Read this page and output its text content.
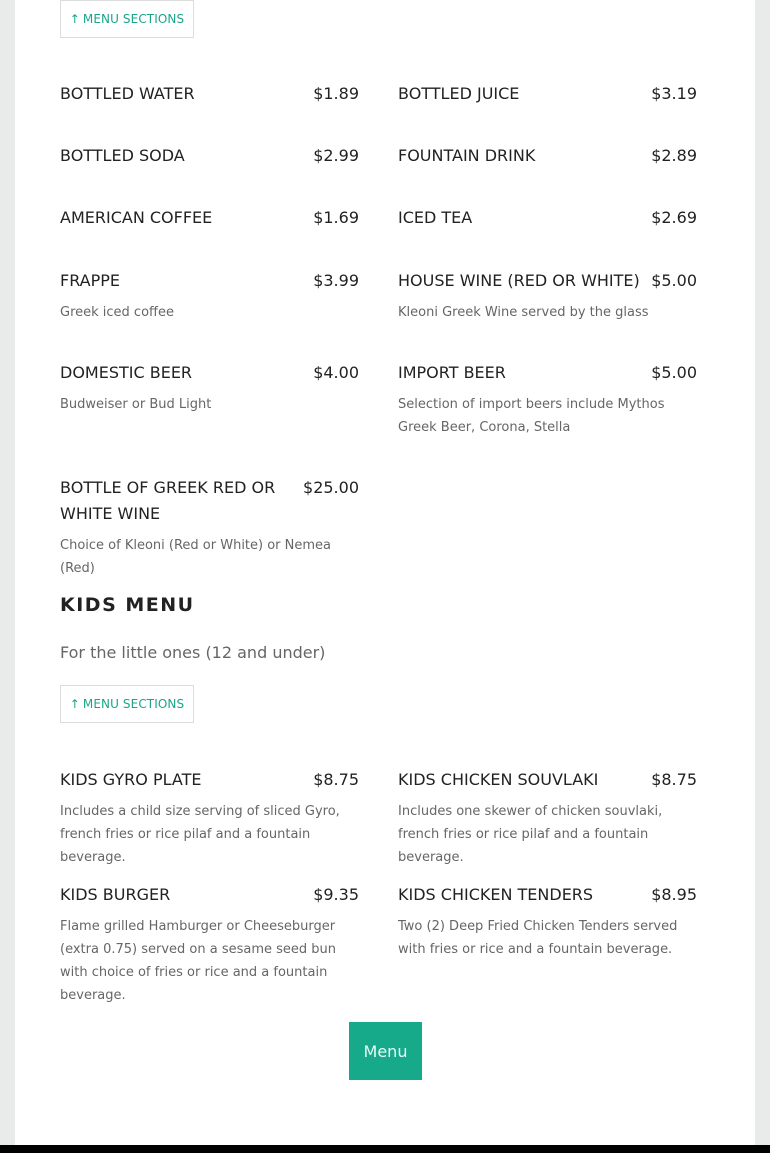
↑ MENU SECTIONS
BOTTLED WATER	$1.89 BOTTLED JUICE	$3.19
BOTTLED SODA	$2.99 FOUNTAIN DRINK	$2.89
AMERICAN COFFEE	$1.69 ICED TEA	$2.69
FRAPPE	$3.99
Greek iced coffee
HOUSE WINE (RED OR WHITE) $5.00
Kleoni Greek Wine served by the glass
DOMESTIC BEER	$4.00
Budweiser or Bud Light
IMPORT BEER	$5.00
Selection of import beers include Mythos Greek Beer, Corona, Stella
BOTTLE OF GREEK RED OR WHITE WINE
$25.00
Choice of Kleoni (Red or White) or Nemea (Red)
KIDS MENU
For the little ones (12 and under)
↑ MENU SECTIONS
KIDS GYRO PLATE	$8.75
Includes a child size serving of sliced Gyro, french fries or rice pilaf and a fountain beverage.
KIDS CHICKEN SOUVLAKI	$8.75
Includes one skewer of chicken souvlaki, french fries or rice pilaf and a fountain beverage.
KIDS BURGER	$9.35
Flame grilled Hamburger or Cheeseburger (extra 0.75) served on a sesame seed bun with choice of fries or rice and a fountain beverage.
KIDS CHICKEN TENDERS	$8.95
Two (2) Deep Fried Chicken Tenders served with fries or rice and a fountain beverage.
Menu
